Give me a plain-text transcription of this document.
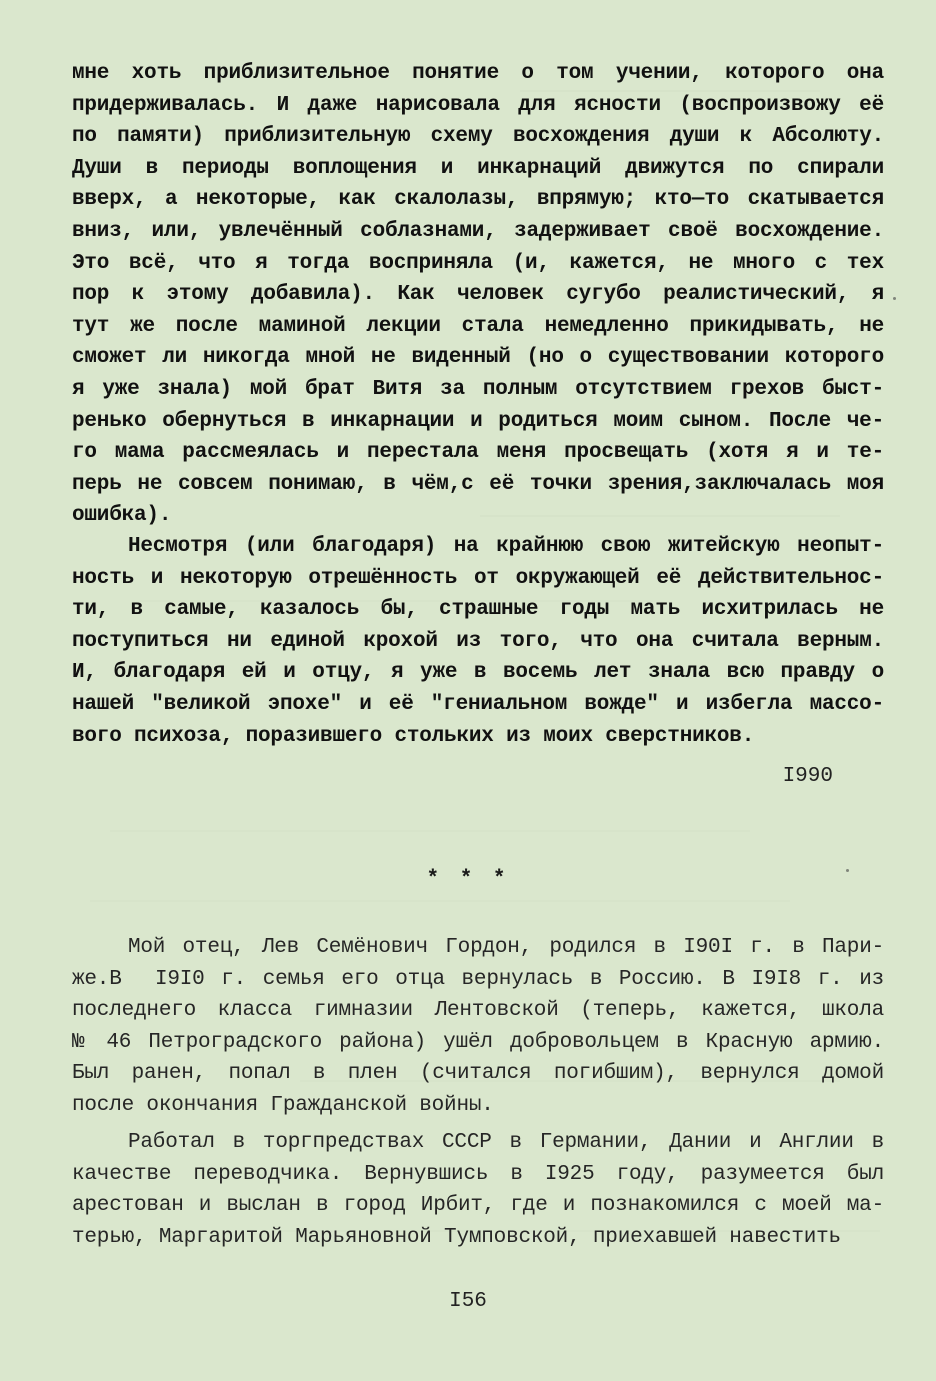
мне хоть приблизительное понятие о том учении, которого она
придерживалась. И даже нарисовала для ясности (воспроизвожу её
по памяти) приблизительную схему восхождения души к Абсолюту.
Души в периоды воплощения и инкарнаций движутся по спирали
вверх, а некоторые, как скалолазы, впрямую; кто—то скатывается
вниз, или, увлечённый соблазнами, задерживает своё восхождение.
Это всё, что я тогда восприняла (и, кажется, не много с тех
пор к этому добавила). Как человек сугубо реалистический, я
тут же после маминой лекции стала немедленно прикидывать, не
сможет ли никогда мной не виденный (но о существовании которого
я уже знала) мой брат Витя за полным отсутствием грехов быст-
ренько обернуться в инкарнации и родиться моим сыном. После че-
го мама рассмеялась и перестала меня просвещать (хотя я и те-
перь не совсем понимаю, в чём,с её точки зрения,заключалась моя
ошибка).
Несмотря (или благодаря) на крайнюю свою житейскую неопыт-
ность и некоторую отрешённость от окружающей её действительнос-
ти, в самые, казалось бы, страшные годы мать исхитрилась не
поступиться ни единой крохой из того, что она считала верным.
И, благодаря ей и отцу, я уже в восемь лет знала всю правду о
нашей "великой эпохе" и её "гениальном вожде" и избегла массо-
вого психоза, поразившего стольких из моих сверстников.
I990
* * *
Мой отец, Лев Семёнович Гордон, родился в I90I г. в Пари-
же.В  I9I0 г. семья его отца вернулась в Россию. В I9I8 г. из
последнего класса гимназии Лентовской (теперь, кажется, школа
№ 46 Петроградского района) ушёл добровольцем в Красную армию.
Был ранен, попал в плен (считался погибшим), вернулся домой
после окончания Гражданской войны.
Работал в торгпредствах СССР в Германии, Дании и Англии в
качестве переводчика. Вернувшись в I925 году, разумеется был
арестован и выслан в город Ирбит, где и познакомился с моей ма-
терью, Маргаритой Марьяновной Тумповской, приехавшей навестить
I56
